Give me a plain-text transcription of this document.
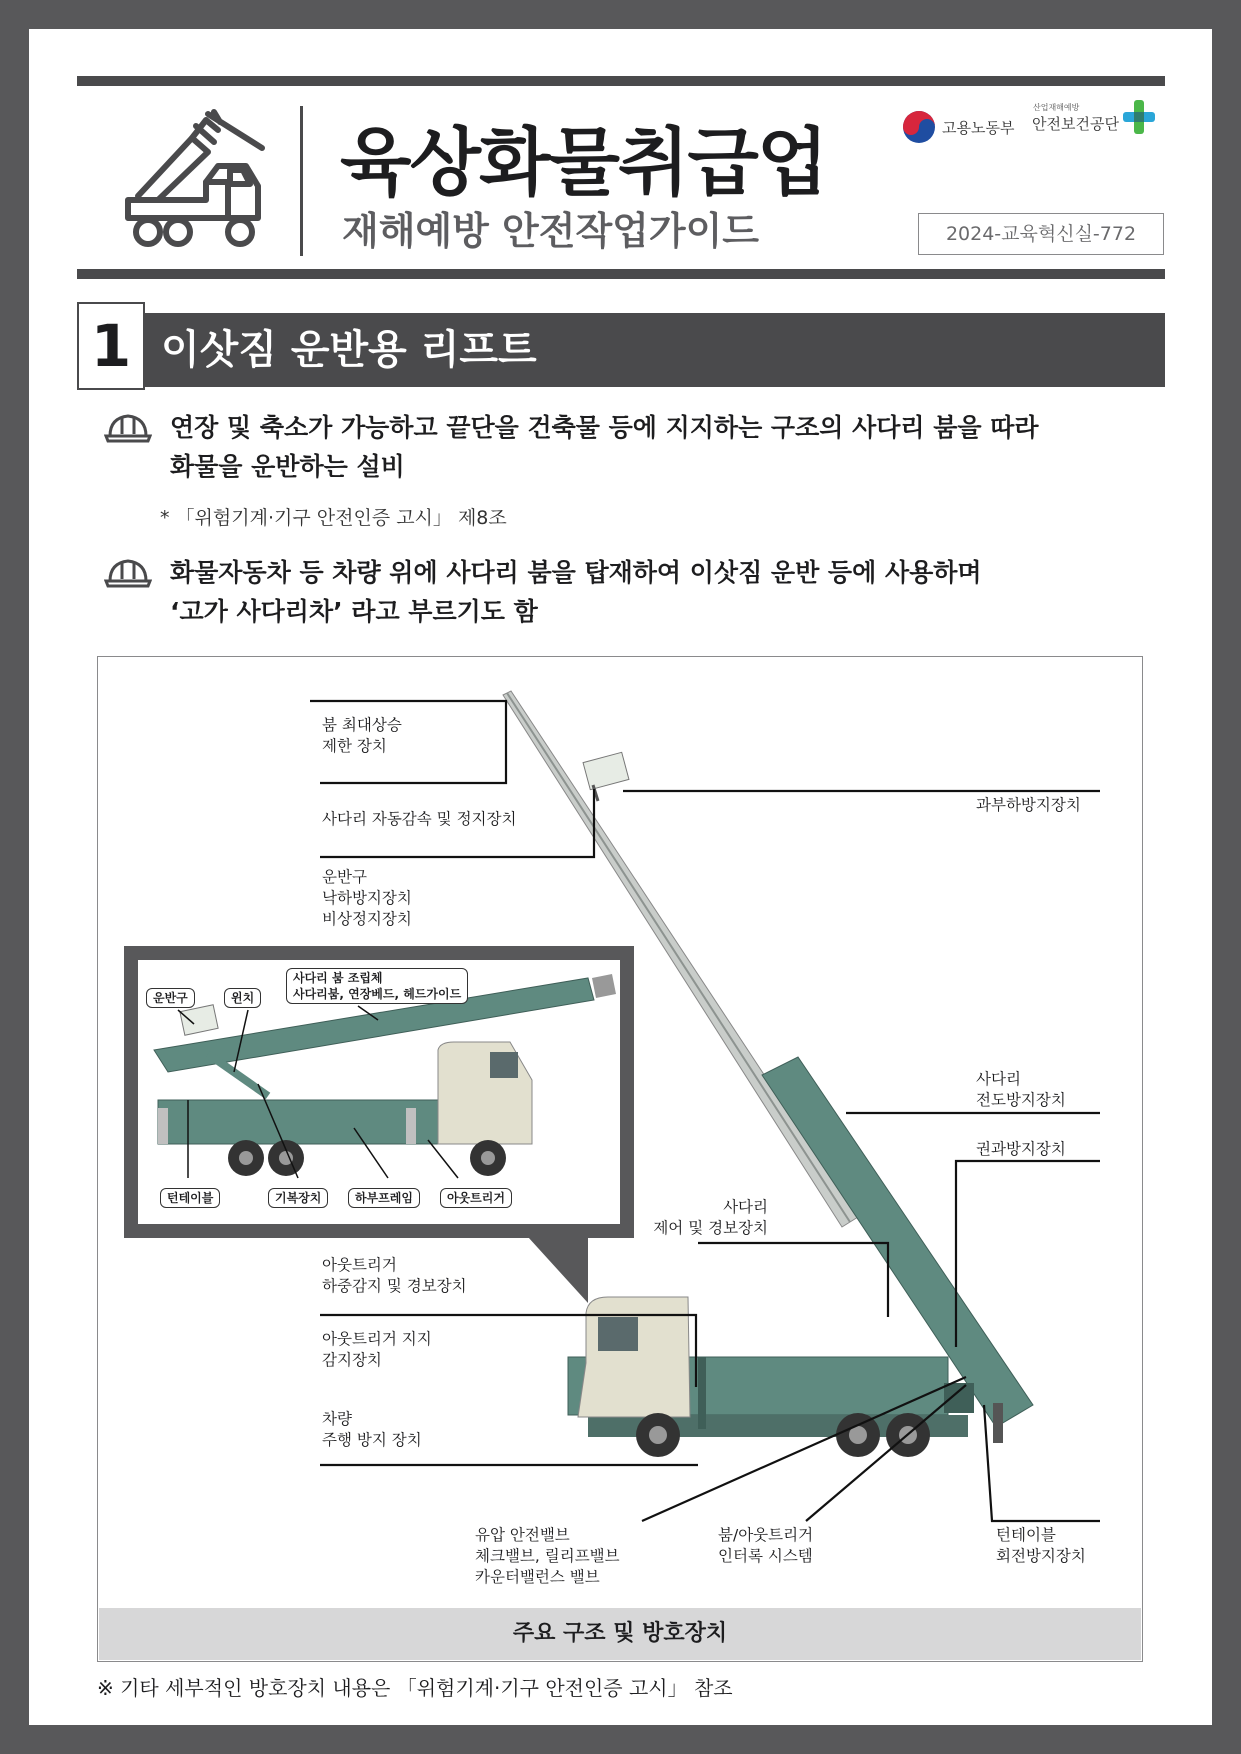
육상화물취급업
재해예방 안전작업가이드
고용노동부
산업재해예방
안전보건공단
2024-교육혁신실-772
1 이삿짐 운반용 리프트
연장 및 축소가 가능하고 끝단을 건축물 등에 지지하는 구조의 사다리 붐을 따라
화물을 운반하는 설비
* 「위험기계·기구 안전인증 고시」 제8조
화물자동차 등 차량 위에 사다리 붐을 탑재하여 이삿짐 운반 등에 사용하며
‘고가 사다리차’ 라고 부르기도 함
운반구	윈치
사다리 붐 조립체
사다리붐, 연장베드, 헤드가이드
턴테이블	기복장치	하부프레임	아웃트리거
붐 최대상승
제한 장치
사다리 자동감속 및 정지장치
운반구
낙하방지장치
비상정지장치
과부하방지장치
사다리
전도방지장치
권과방지장치
사다리
제어 및 경보장치
아웃트리거
하중감지 및 경보장치
아웃트리거 지지
감지장치
차량
주행 방지 장치
유압 안전밸브
체크밸브, 릴리프밸브
카운터밸런스 밸브
붐/아웃트리거
인터록 시스템
턴테이블
회전방지장치
주요 구조 및 방호장치
※ 기타 세부적인 방호장치 내용은 「위험기계·기구 안전인증 고시」 참조
